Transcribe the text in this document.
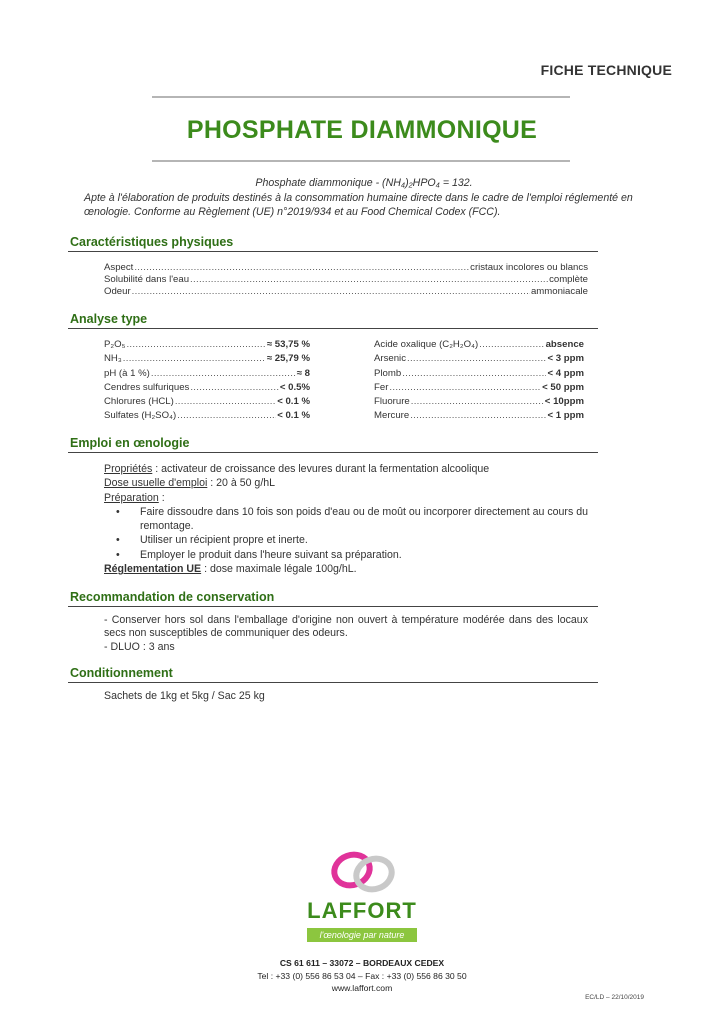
FICHE TECHNIQUE
PHOSPHATE DIAMMONIQUE
Phosphate diammonique - (NH₄)₂HPO₄ = 132.
Apte à l'élaboration de produits destinés à la consommation humaine directe dans le cadre de l'emploi réglementé en œnologie. Conforme au Règlement (UE) n°2019/934 et au Food Chemical Codex (FCC).
Caractéristiques physiques
Aspect .....	cristaux incolores ou blancs
Solubilité dans l'eau .....	complète
Odeur .....	ammoniacale
Analyse type
P₂O₅ .....	≈ 53,75 %
NH₃ .....	≈ 25,79 %
pH (à 1 %) .....	≈ 8
Cendres sulfuriques .....	< 0.5%
Chlorures (HCL) .....	< 0.1 %
Sulfates (H₂SO₄) .....	< 0.1 %
Acide oxalique (C₂H₂O₄) .....	absence
Arsenic .....	< 3 ppm
Plomb .....	< 4 ppm
Fer .....	< 50 ppm
Fluorure .....	< 10ppm
Mercure .....	< 1 ppm
Emploi en œnologie
Propriétés : activateur de croissance des levures durant la fermentation alcoolique
Dose usuelle d'emploi : 20 à 50 g/hL
Préparation :
• Faire dissoudre dans 10 fois son poids d'eau ou de moût ou incorporer directement au cours du remontage.
• Utiliser un récipient propre et inerte.
• Employer le produit dans l'heure suivant sa préparation.
Réglementation UE : dose maximale légale 100g/hL.
Recommandation de conservation
- Conserver hors sol dans l'emballage d'origine non ouvert à température modérée dans des locaux secs non susceptibles de communiquer des odeurs.
- DLUO : 3 ans
Conditionnement
Sachets de 1kg et 5kg / Sac 25 kg
LAFFORT
l'œnologie par nature
CS 61 611 – 33072 – BORDEAUX CEDEX
Tel : +33 (0) 556 86 53 04 – Fax : +33 (0) 556 86 30 50
www.laffort.com
EC/LD – 22/10/2019
